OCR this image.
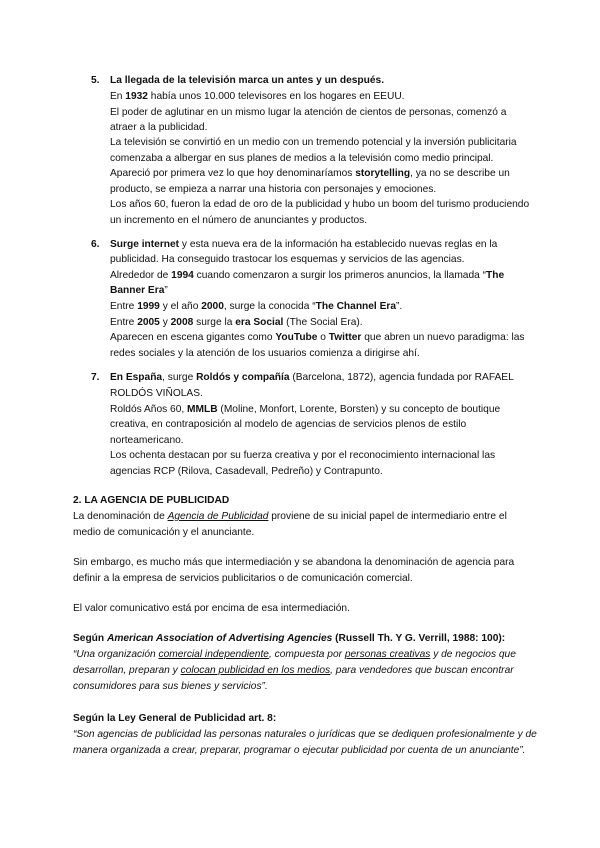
5. La llegada de la televisión marca un antes y un después.
En 1932 había unos 10.000 televisores en los hogares en EEUU.
El poder de aglutinar en un mismo lugar la atención de cientos de personas, comenzó a
atraer a la publicidad.
La televisión se convirtió en un medio con un tremendo potencial y la inversión publicitaria
comenzaba a albergar en sus planes de medios a la televisión como medio principal.
Apareció por primera vez lo que hoy denominaríamos storytelling, ya no se describe un
producto, se empieza a narrar una historia con personajes y emociones.
Los años 60, fueron la edad de oro de la publicidad y hubo un boom del turismo produciendo
un incremento en el número de anunciantes y productos.
6. Surge internet y esta nueva era de la información ha establecido nuevas reglas en la
publicidad. Ha conseguido trastocar los esquemas y servicios de las agencias.
Alrededor de 1994 cuando comenzaron a surgir los primeros anuncios, la llamada “The
Banner Era”
Entre 1999 y el año 2000, surge la conocida “The Channel Era”.
Entre 2005 y 2008 surge la era Social (The Social Era).
Aparecen en escena gigantes como YouTube o Twitter que abren un nuevo paradigma: las
redes sociales y la atención de los usuarios comienza a dirigirse ahí.
7. En España, surge Roldós y compañía (Barcelona, 1872), agencia fundada por RAFAEL
ROLDÓS VIÑOLAS.
Roldós Años 60, MMLB (Moline, Monfort, Lorente, Borsten) y su concepto de boutique
creativa, en contraposición al modelo de agencias de servicios plenos de estilo
norteamericano.
Los ochenta destacan por su fuerza creativa y por el reconocimiento internacional las
agencias RCP (Rilova, Casadevall, Pedreño) y Contrapunto.
2. LA AGENCIA DE PUBLICIDAD
La denominación de Agencia de Publicidad proviene de su inicial papel de intermediario entre el
medio de comunicación y el anunciante.
Sin embargo, es mucho más que intermediación y se abandona la denominación de agencia para
definir a la empresa de servicios publicitarios o de comunicación comercial.
El valor comunicativo está por encima de esa intermediación.
Según American Association of Advertising Agencies (Russell Th. Y G. Verrill, 1988: 100):
“Una organización comercial independiente, compuesta por personas creativas y de negocios que
desarrollan, preparan y colocan publicidad en los medios, para vendedores que buscan encontrar
consumidores para sus bienes y servicios”.
Según la Ley General de Publicidad art. 8:
“Son agencias de publicidad las personas naturales o jurídicas que se dediquen profesionalmente y de
manera organizada a crear, preparar, programar o ejecutar publicidad por cuenta de un anunciante”.
